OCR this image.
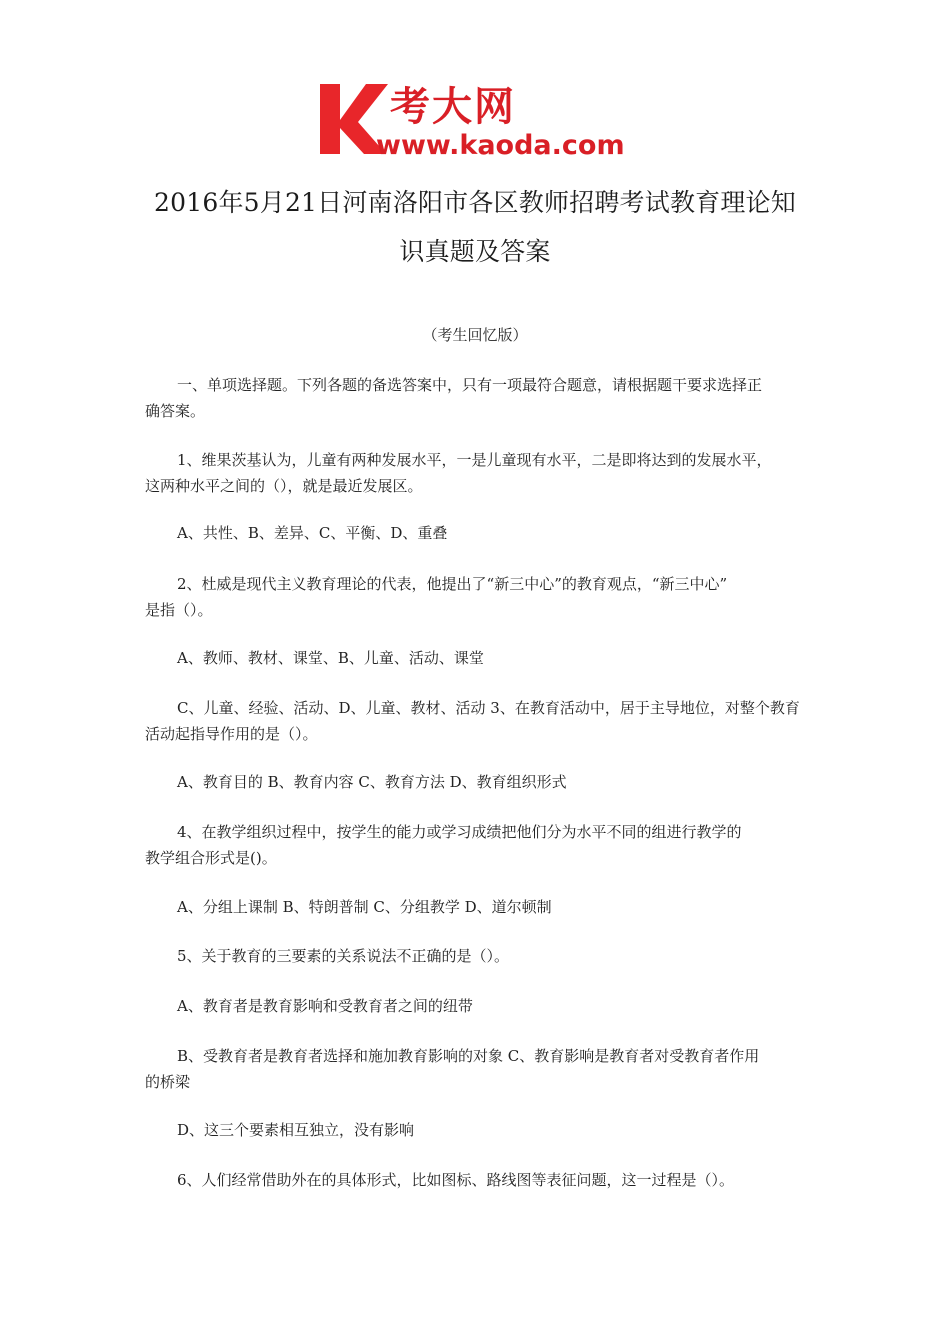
考大网
www.kaoda.com
2016年5月21日河南洛阳市各区教师招聘考试教育理论知
识真题及答案
（考生回忆版）
一、单项选择题。下列各题的备选答案中，只有一项最符合题意，请根据题干要求选择正
确答案。
1、维果茨基认为，儿童有两种发展水平，一是儿童现有水平，二是即将达到的发展水平，
这两种水平之间的（），就是最近发展区。
A、共性、B、差异、C、平衡、D、重叠
2、杜威是现代主义教育理论的代表，他提出了“新三中心”的教育观点，“新三中心”
是指（）。
A、教师、教材、课堂、B、儿童、活动、课堂
C、儿童、经验、活动、D、儿童、教材、活动 3、在教育活动中，居于主导地位，对整个教育
活动起指导作用的是（）。
A、教育目的 B、教育内容 C、教育方法 D、教育组织形式
4、在教学组织过程中，按学生的能力或学习成绩把他们分为水平不同的组进行教学的
教学组合形式是()。
A、分组上课制 B、特朗普制 C、分组教学 D、道尔顿制
5、关于教育的三要素的关系说法不正确的是（）。
A、教育者是教育影响和受教育者之间的纽带
B、受教育者是教育者选择和施加教育影响的对象 C、教育影响是教育者对受教育者作用
的桥梁
D、这三个要素相互独立，没有影响
6、人们经常借助外在的具体形式，比如图标、路线图等表征问题，这一过程是（）。
